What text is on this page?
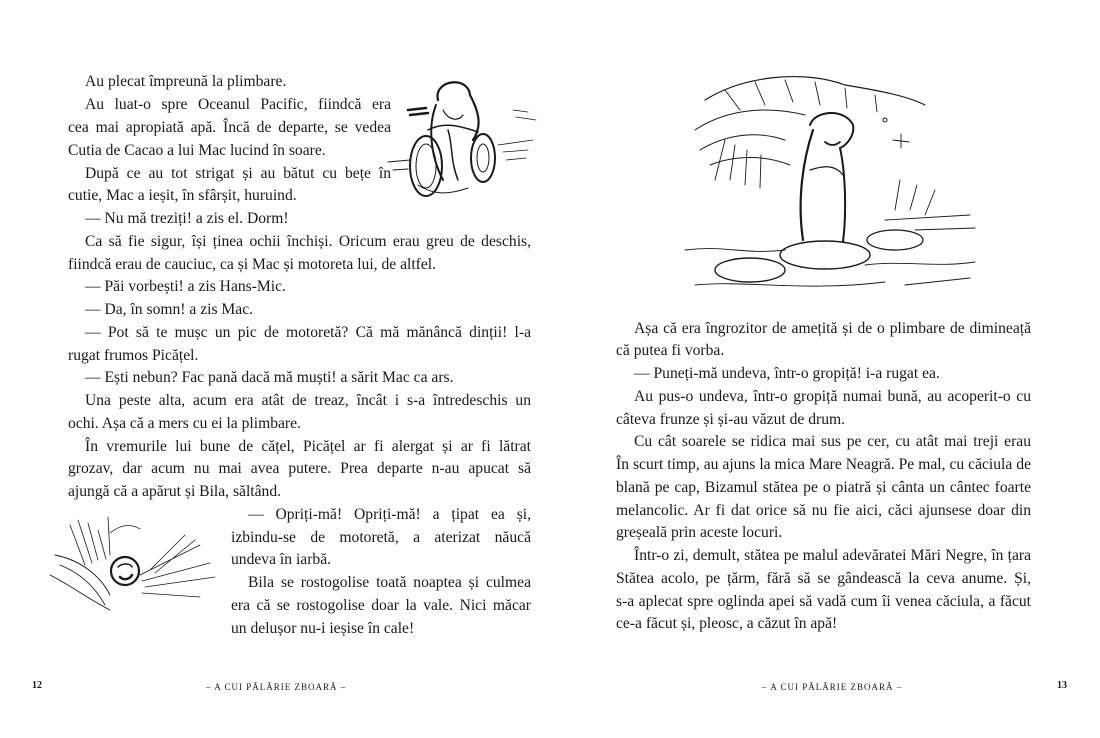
Au plecat împreună la plimbare.
Au luat-o spre Oceanul Pacific, fiindcă era
cea mai apropiată apă. Încă de departe, se vedea
Cutia de Cacao a lui Mac lucind în soare.
După ce au tot strigat și au bătut cu bețe în
cutie, Mac a ieșit, în sfârșit, huruind.
— Nu mă treziți! a zis el. Dorm!
Ca să fie sigur, își ținea ochii închiși. Oricum erau greu de deschis,
fiindcă erau de cauciuc, ca și Mac și motoreta lui, de altfel.
— Păi vorbești! a zis Hans-Mic.
— Da, în somn! a zis Mac.
— Pot să te mușc un pic de motoretă? Că mă mănâncă dinții! l-a
rugat frumos Picățel.
— Ești nebun? Fac pană dacă mă muști! a sărit Mac ca ars.
Una peste alta, acum era atât de treaz, încât i s-a întredeschis un
ochi. Așa că a mers cu ei la plimbare.
În vremurile lui bune de cățel, Picățel ar fi alergat și ar fi lătrat
grozav, dar acum nu mai avea putere. Prea departe n-au apucat să
ajungă că a apărut și Bila, săltând.
— Opriți-mă! Opriți-mă! a țipat ea și,
izbindu-se de motoretă, a aterizat năucă
undeva în iarbă.
Bila se rostogolise toată noaptea și culmea
era că se rostogolise doar la vale. Nici măcar
un delușor nu-i ieșise în cale!
12	– A CUI PĂLĂRIE ZBOARĂ –
Așa că era îngrozitor de amețită și de o plimbare de dimineață
că putea fi vorba.
— Puneți-mă undeva, într-o gropiță! i-a rugat ea.
Au pus-o undeva, într-o gropiță numai bună, au acoperit-o cu
câteva frunze și și-au văzut de drum.
Cu cât soarele se ridica mai sus pe cer, cu atât mai treji erau
În scurt timp, au ajuns la mica Mare Neagră. Pe mal, cu căciula de
blană pe cap, Bizamul stătea pe o piatră și cânta un cântec foarte
melancolic. Ar fi dat orice să nu fie aici, căci ajunsese doar din
greșeală prin aceste locuri.
Într-o zi, demult, stătea pe malul adevăratei Mări Negre, în țara
Stătea acolo, pe țărm, fără să se gândească la ceva anume. Și,
s-a aplecat spre oglinda apei să vadă cum îi venea căciula, a făcut
ce-a făcut și, pleosc, a căzut în apă!
– A CUI PĂLĂRIE ZBOARĂ –	13
